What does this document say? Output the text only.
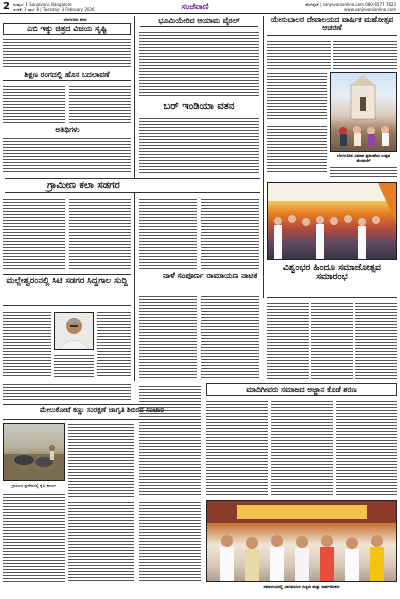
2 ಸಂಪುಟ: 1 Sanjevani, Bangalore
ಸಂಚಿಕೆ: 1 ಪುಟ: 8 | Tuesday: 3 February 2026	ಸಂಜೆವಾಣಿ	ವೆಬ್‌ಸೈಟ್ | sanjevanionline.com 080-6577 7823
www.sanjevanionline.com
ಬೆಂಗಳೂರು ನಗರ
ಎಬಿ ಇಕ್ಕು ಚಿತ್ರದ ವಿಜಯ ಸೃಷ್ಟಿ
ಶಿಕ್ಷಣ ರಂಗದಲ್ಲಿ ಹೊಸ ಬದಲಾವಣೆ
ಅತಿಥಿಗಳು
ಗ್ರಾಮೀಣ ಕಲಾ ಸಡಗರ
ಭೂಮಿಯೇರಿದ ಆಯಾಮ ವೈರಲ್
ಬರ್ ಇಂಡಿಯಾ ವತನ
ಯೇಸುಬಾಲರ ದೇವಾಲಯದ ವಾರ್ಷಿಕ ಮಹೋತ್ಸವ ಆಚರಣೆ
ಬೆಂಗಳೂರಿನ ವಿಮಾನ ಪ್ರಕಟಣೆಯ ಉತ್ಸವ ಮೆರವಣಿಗೆ
ನಾಳೆ ಸಂಪೂರ್ಣ ರಾಮಾಯಣ ನಾಟಕ
ಮಲ್ಲೇಶ್ವರಂನಲ್ಲಿ ಸಿಟಿ ಸಡಗರ ಸಿದ್ದಗಾಲ ಸುದ್ದಿ
ವಿಶ್ವಂಭರ ಹಿಂದೂ ಸಮಾಜೋತ್ಸವ ಸಮಾರಂಭ
ಮಾದಿಗೀವರು ಸಮಾಜದ ಅಜ್ಜಾನ ಕೊಡೆ ಶರಣ
ಸಮಾರಂಭದಲ್ಲಿ ಭಾಗವಹಿಸಿದ ಗಣ್ಯರು ಮತ್ತು ಸಾರ್ವಜನಿಕರು
ಮೇಲುಕೋಟೆ ಕಣ್ಣು ಸಂರಕ್ಷಣೆ ಜಾಗೃತಿ ಶಿಬಿರದ ಸಂಚಾರ
ಗ್ರಾಮೀಣ ಪ್ರದೇಶದಲ್ಲಿ ಕೃಷಿ ಕಾರ್ಯ
